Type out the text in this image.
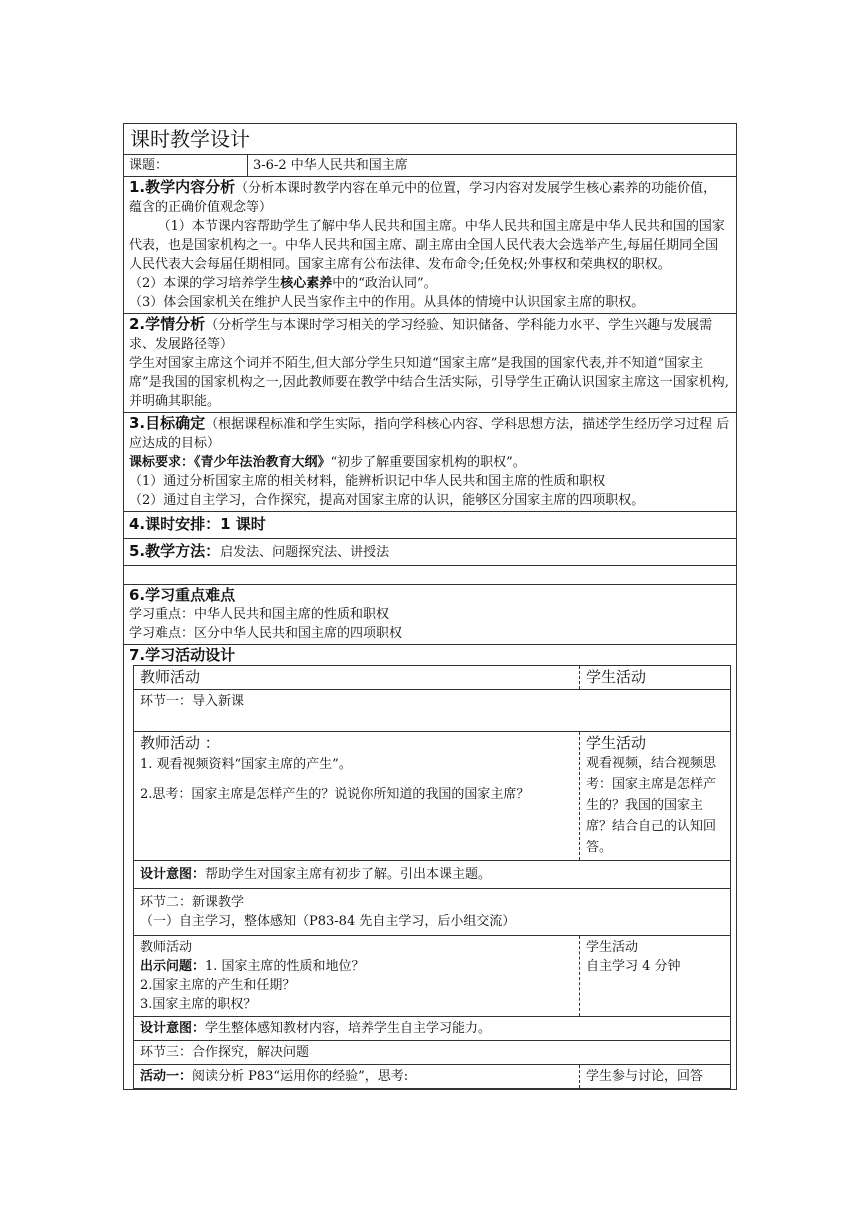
课时教学设计
课题：	3-6-2 中华人民共和国主席
1.教学内容分析（分析本课时教学内容在单元中的位置，学习内容对发展学生核心素养的功能价值， 蕴含的正确价值观念等）
（1）本节课内容帮助学生了解中华人民共和国主席。中华人民共和国主席是中华人民共和国的国家代表，也是国家机构之一。中华人民共和国主席、副主席由全国人民代表大会选举产生,每届任期同全国人民代表大会每届任期相同。国家主席有公布法律、发布命令;任免权;外事权和荣典权的职权。
（2）本课的学习培养学生核心素养中的“政治认同”。
（3）体会国家机关在维护人民当家作主中的作用。从具体的情境中认识国家主席的职权。
2.学情分析（分析学生与本课时学习相关的学习经验、知识储备、学科能力水平、学生兴趣与发展需求、发展路径等）
学生对国家主席这个词并不陌生,但大部分学生只知道“国家主席”是我国的国家代表,并不知道“国家主席”是我国的国家机构之一,因此教师要在教学中结合生活实际，引导学生正确认识国家主席这一国家机构,并明确其职能。
3.目标确定（根据课程标准和学生实际，指向学科核心内容、学科思想方法，描述学生经历学习过程 后应达成的目标）
课标要求：《青少年法治教育大纲》“初步了解重要国家机构的职权”。
（1）通过分析国家主席的相关材料，能辨析识记中华人民共和国主席的性质和职权
（2）通过自主学习，合作探究，提高对国家主席的认识，能够区分国家主席的四项职权。
4.课时安排：1 课时
5.教学方法：启发法、问题探究法、讲授法
6.学习重点难点
学习重点：中华人民共和国主席的性质和职权
学习难点：区分中华人民共和国主席的四项职权
7.学习活动设计
教师活动	学生活动
环节一：导入新课
教师活动 ：
1. 观看视频资料“国家主席的产生”。
2.思考：国家主席是怎样产生的？说说你所知道的我国的国家主席？
学生活动
观看视频，结合视频思考：国家主席是怎样产生的？我国的国家主席？结合自己的认知回答。
设计意图：帮助学生对国家主席有初步了解。引出本课主题。
环节二：新课教学
（一）自主学习，整体感知（P83-84 先自主学习，后小组交流）
教师活动
出示问题：1. 国家主席的性质和地位？
2.国家主席的产生和任期？
3.国家主席的职权？
学生活动
自主学习 4 分钟
设计意图：学生整体感知教材内容，培养学生自主学习能力。
环节三：合作探究，解决问题
活动一：阅读分析 P83“运用你的经验”，思考:	学生参与讨论，回答
